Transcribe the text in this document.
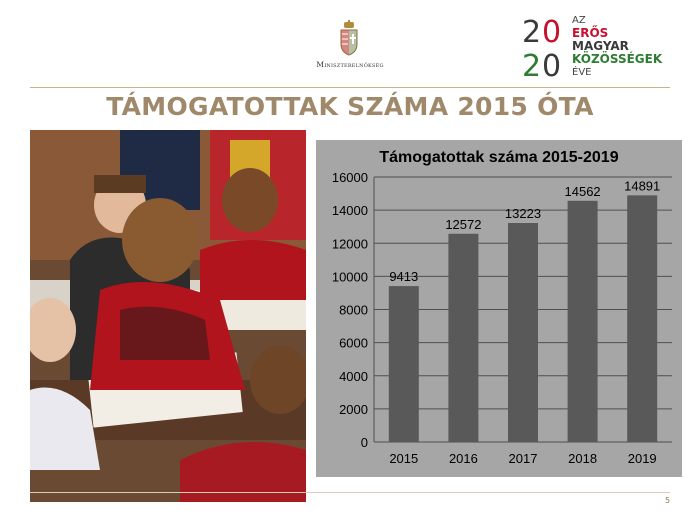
Miniszterelnökség
2 0
2 0
AZ
ERŐS
MAGYAR
KÖZÖSSÉGEK
ÉVE
TÁMOGATOTTAK SZÁMA 2015 ÓTA
Támogatottak száma 2015-2019
0
2000
4000
6000
8000
10000
12000
14000
16000
9413
12572
13223
14562 14891
2015 2016 2017 2018 2019
5
